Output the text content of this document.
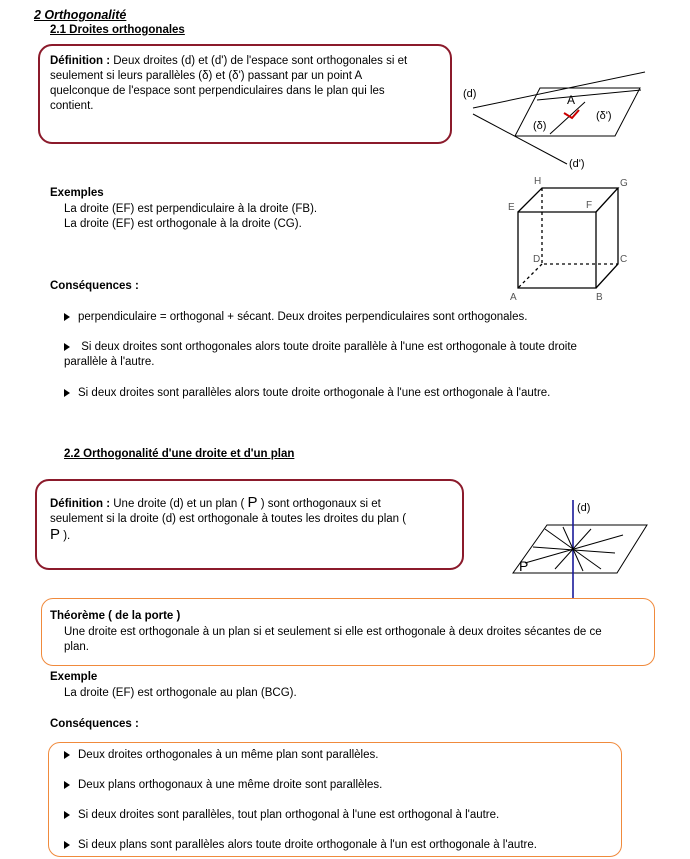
2 Orthogonalité
2.1 Droites orthogonales
Définition : Deux droites (d) et (d') de l'espace sont orthogonales si et
seulement si leurs parallèles (δ) et (δ') passant par un point A
quelconque de l'espace sont perpendiculaires dans le plan qui les
contient.
(d)	A
(δ)
(δ')
(d')
Exemples
La droite (EF) est perpendiculaire à la droite (FB).
La droite (EF) est orthogonale à la droite (CG).
H	G
E	F
D	C
A	B
Conséquences :
perpendiculaire = orthogonal + sécant. Deux droites perpendiculaires sont orthogonales.
Si deux droites sont orthogonales alors toute droite parallèle à l'une est orthogonale à toute droite
parallèle à l'autre.
Si deux droites sont parallèles alors toute droite orthogonale à l'une est orthogonale à l'autre.
2.2 Orthogonalité d'une droite et d'un plan
Définition : Une droite (d) et un plan ( P ) sont orthogonaux si et
seulement si la droite (d) est orthogonale à toutes les droites du plan (
P ).
(d)
P
Théorème ( de la porte )
Une droite est orthogonale à un plan si et seulement si elle est orthogonale à deux droites sécantes de ce
plan.
Exemple
La droite (EF) est orthogonale au plan (BCG).
Conséquences :
Deux droites orthogonales à un même plan sont parallèles.
Deux plans orthogonaux à une même droite sont parallèles.
Si deux droites sont parallèles, tout plan orthogonal à l'une est orthogonal à l'autre.
Si deux plans sont parallèles alors toute droite orthogonale à l'un est orthogonale à l'autre.
